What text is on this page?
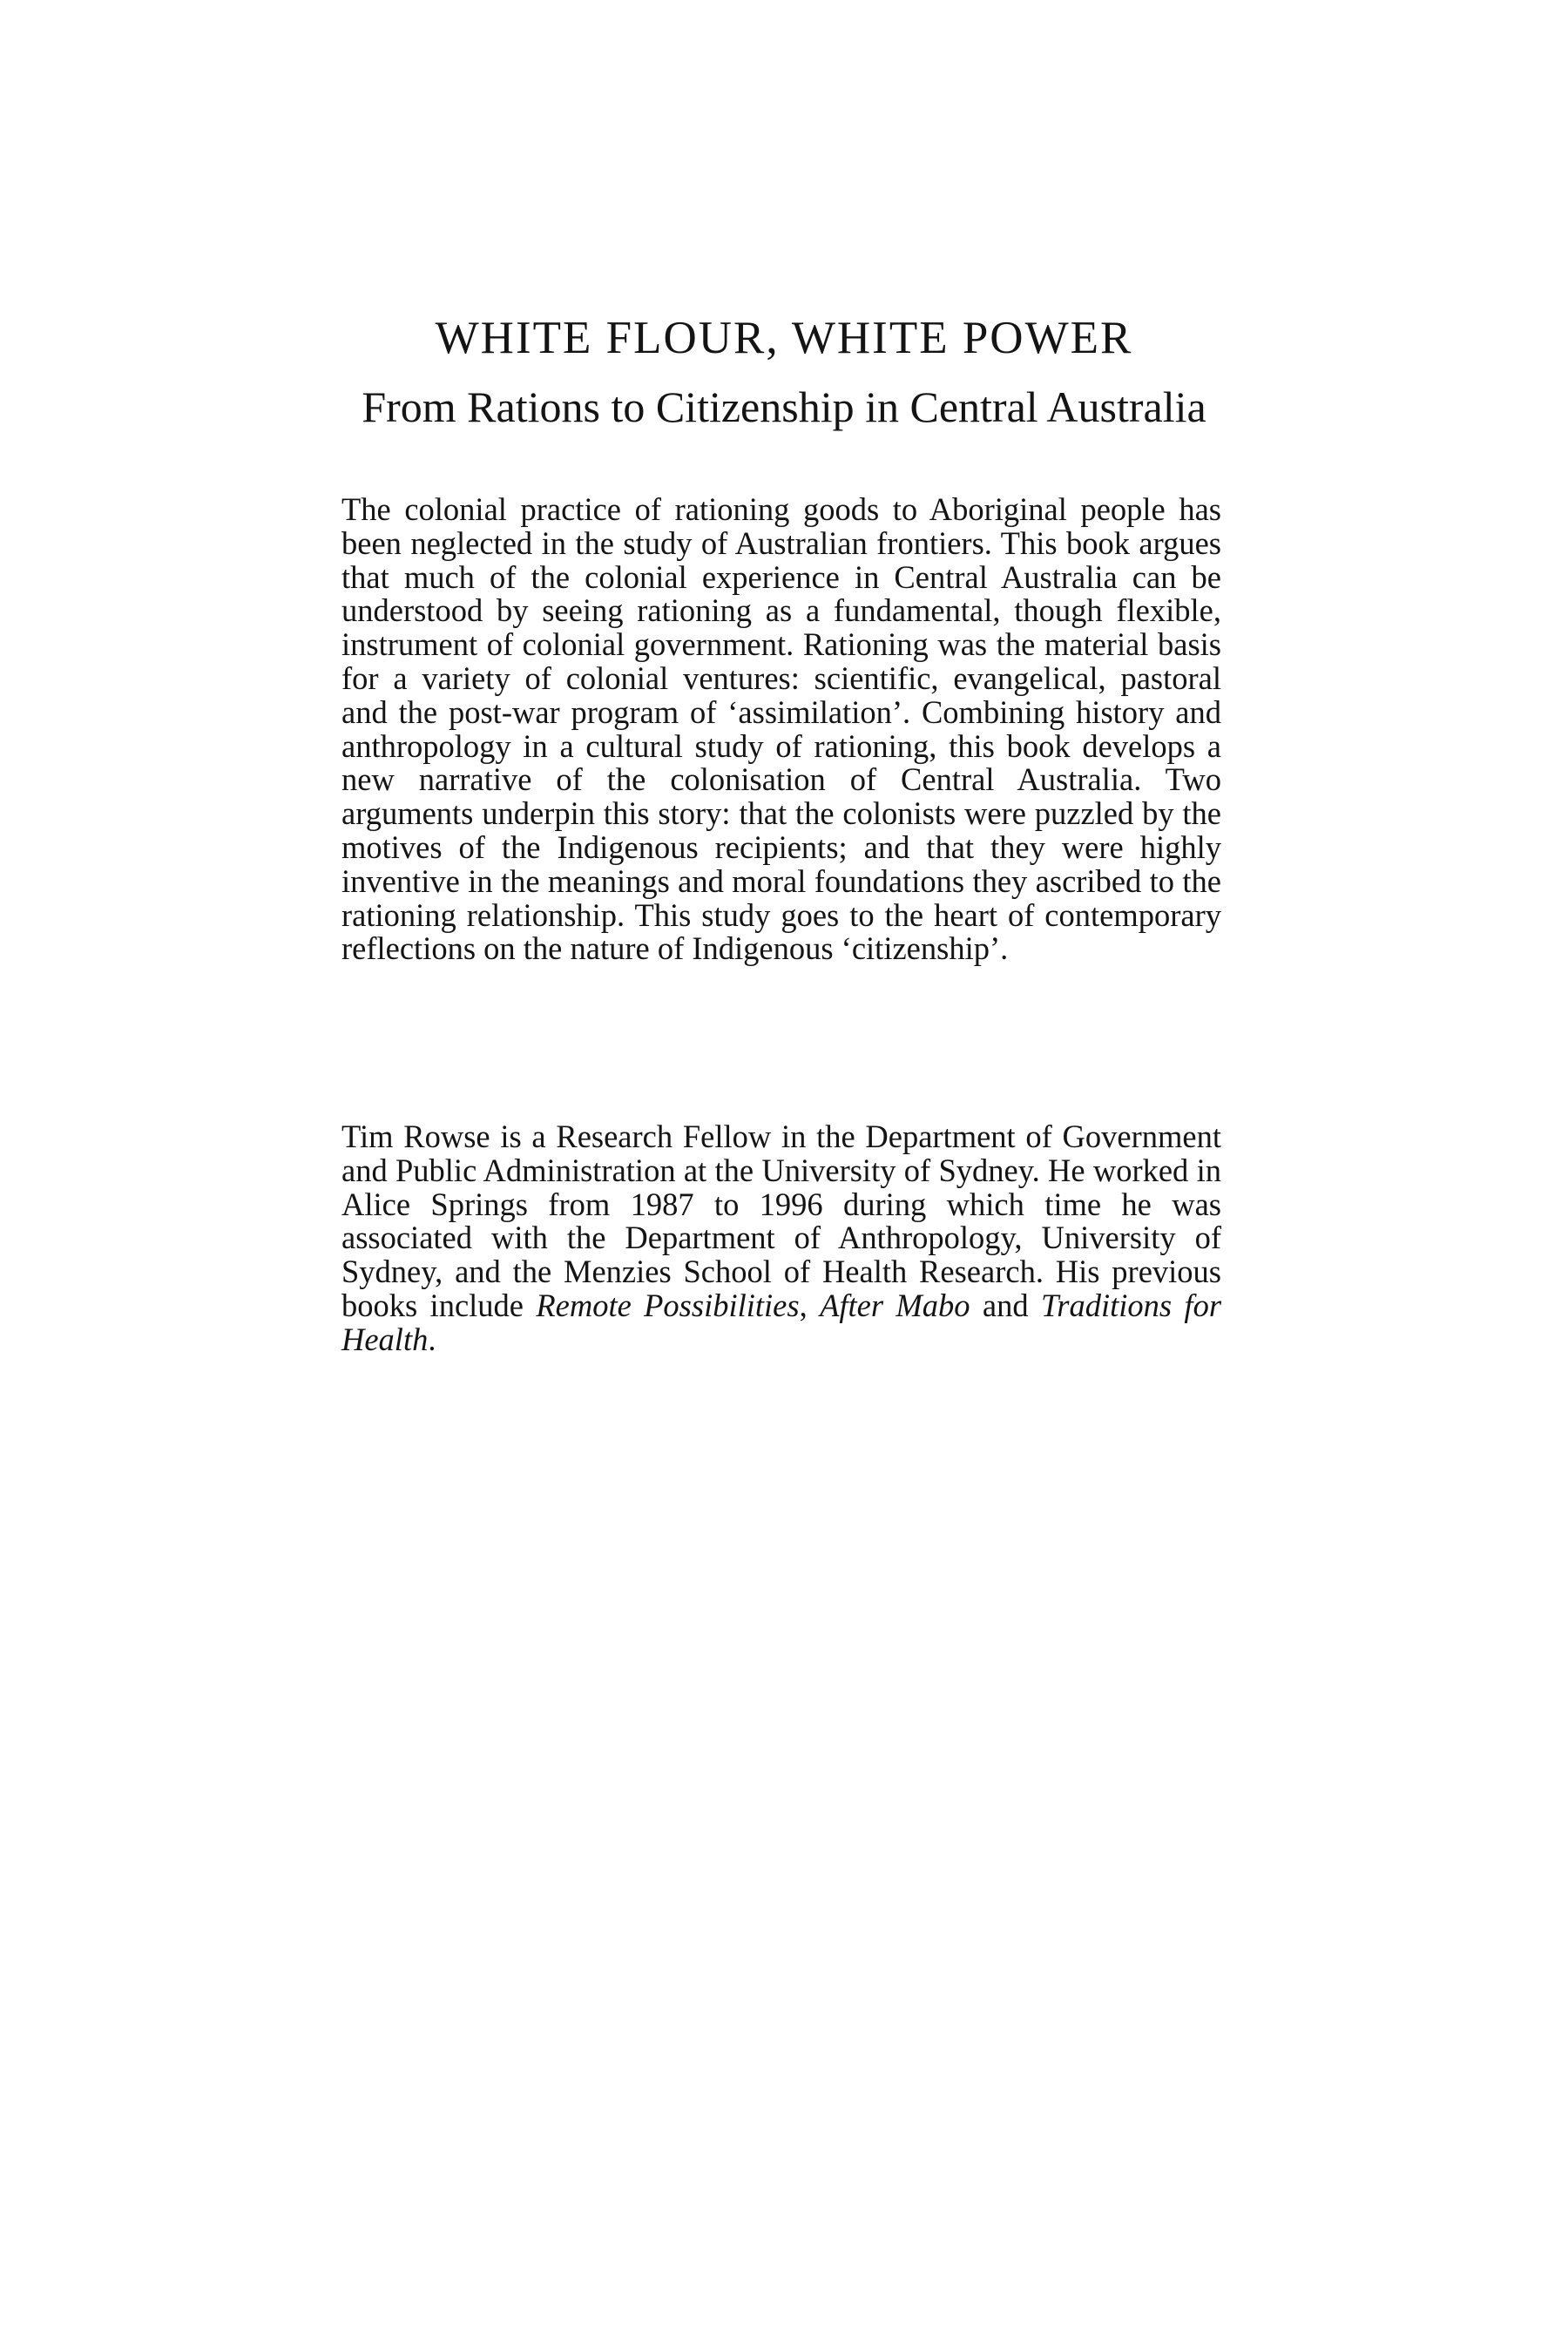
WHITE FLOUR, WHITE POWER
From Rations to Citizenship in Central Australia

The colonial practice of rationing goods to Aboriginal people has been neglected in the study of Australian frontiers. This book argues that much of the colonial experience in Central Australia can be understood by seeing rationing as a fundamental, though flexible, instrument of colonial government. Rationing was the material basis for a variety of colonial ventures: scientific, evangelical, pastoral and the post-war program of ‘assimilation’. Combining history and anthropology in a cultural study of rationing, this book develops a new narrative of the colonisation of Central Australia. Two arguments underpin this story: that the colonists were puzzled by the motives of the Indigenous recipients; and that they were highly inventive in the meanings and moral foundations they ascribed to the rationing relationship. This study goes to the heart of contemporary reflections on the nature of Indigenous ‘citizenship’.

Tim Rowse is a Research Fellow in the Department of Government and Public Administration at the University of Sydney. He worked in Alice Springs from 1987 to 1996 during which time he was associated with the Department of Anthropology, University of Sydney, and the Menzies School of Health Research. His previous books include Remote Possibilities, After Mabo and Traditions for Health.
